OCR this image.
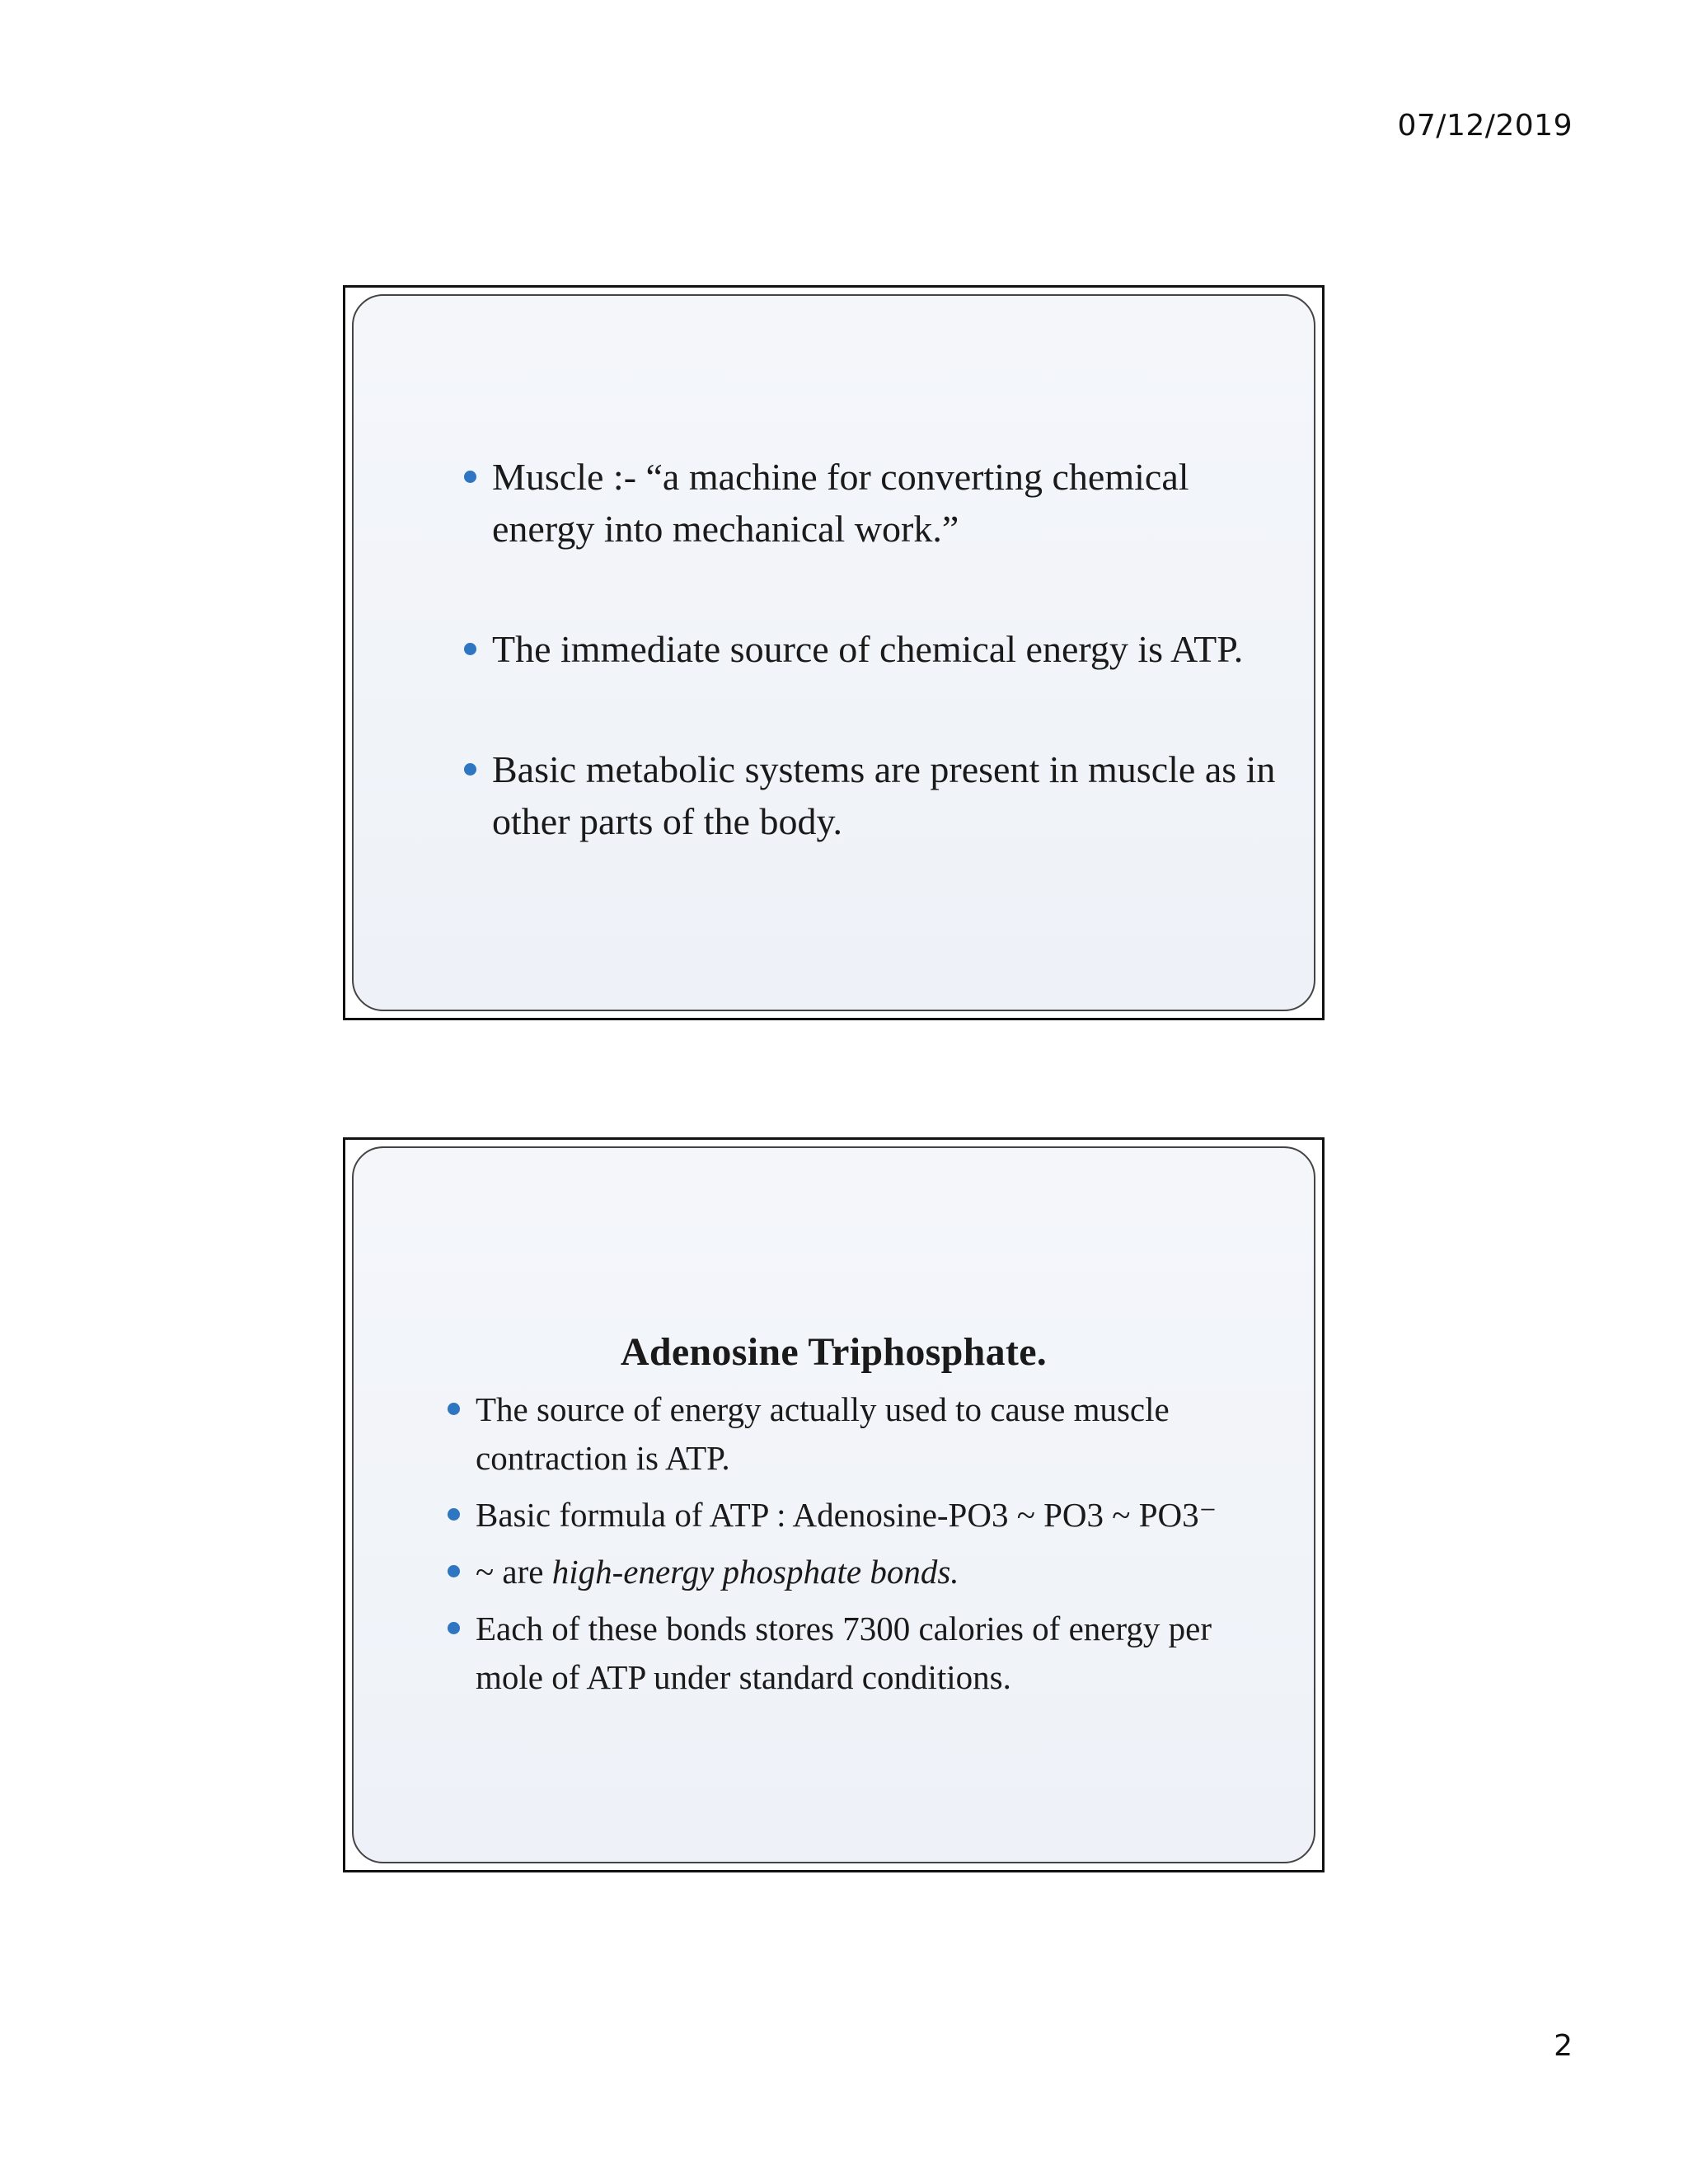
07/12/2019
Muscle :- “a machine for converting chemical energy into mechanical work.”
The immediate source of chemical energy is ATP.
Basic metabolic systems are present in muscle as in other parts of the body.
Adenosine Triphosphate.
The source of energy actually used to cause muscle contraction is ATP.
Basic formula of ATP : Adenosine-PO3 ~ PO3 ~ PO3⁻
~ are high-energy phosphate bonds.
Each of these bonds stores 7300 calories of energy per mole of ATP under standard conditions.
2
